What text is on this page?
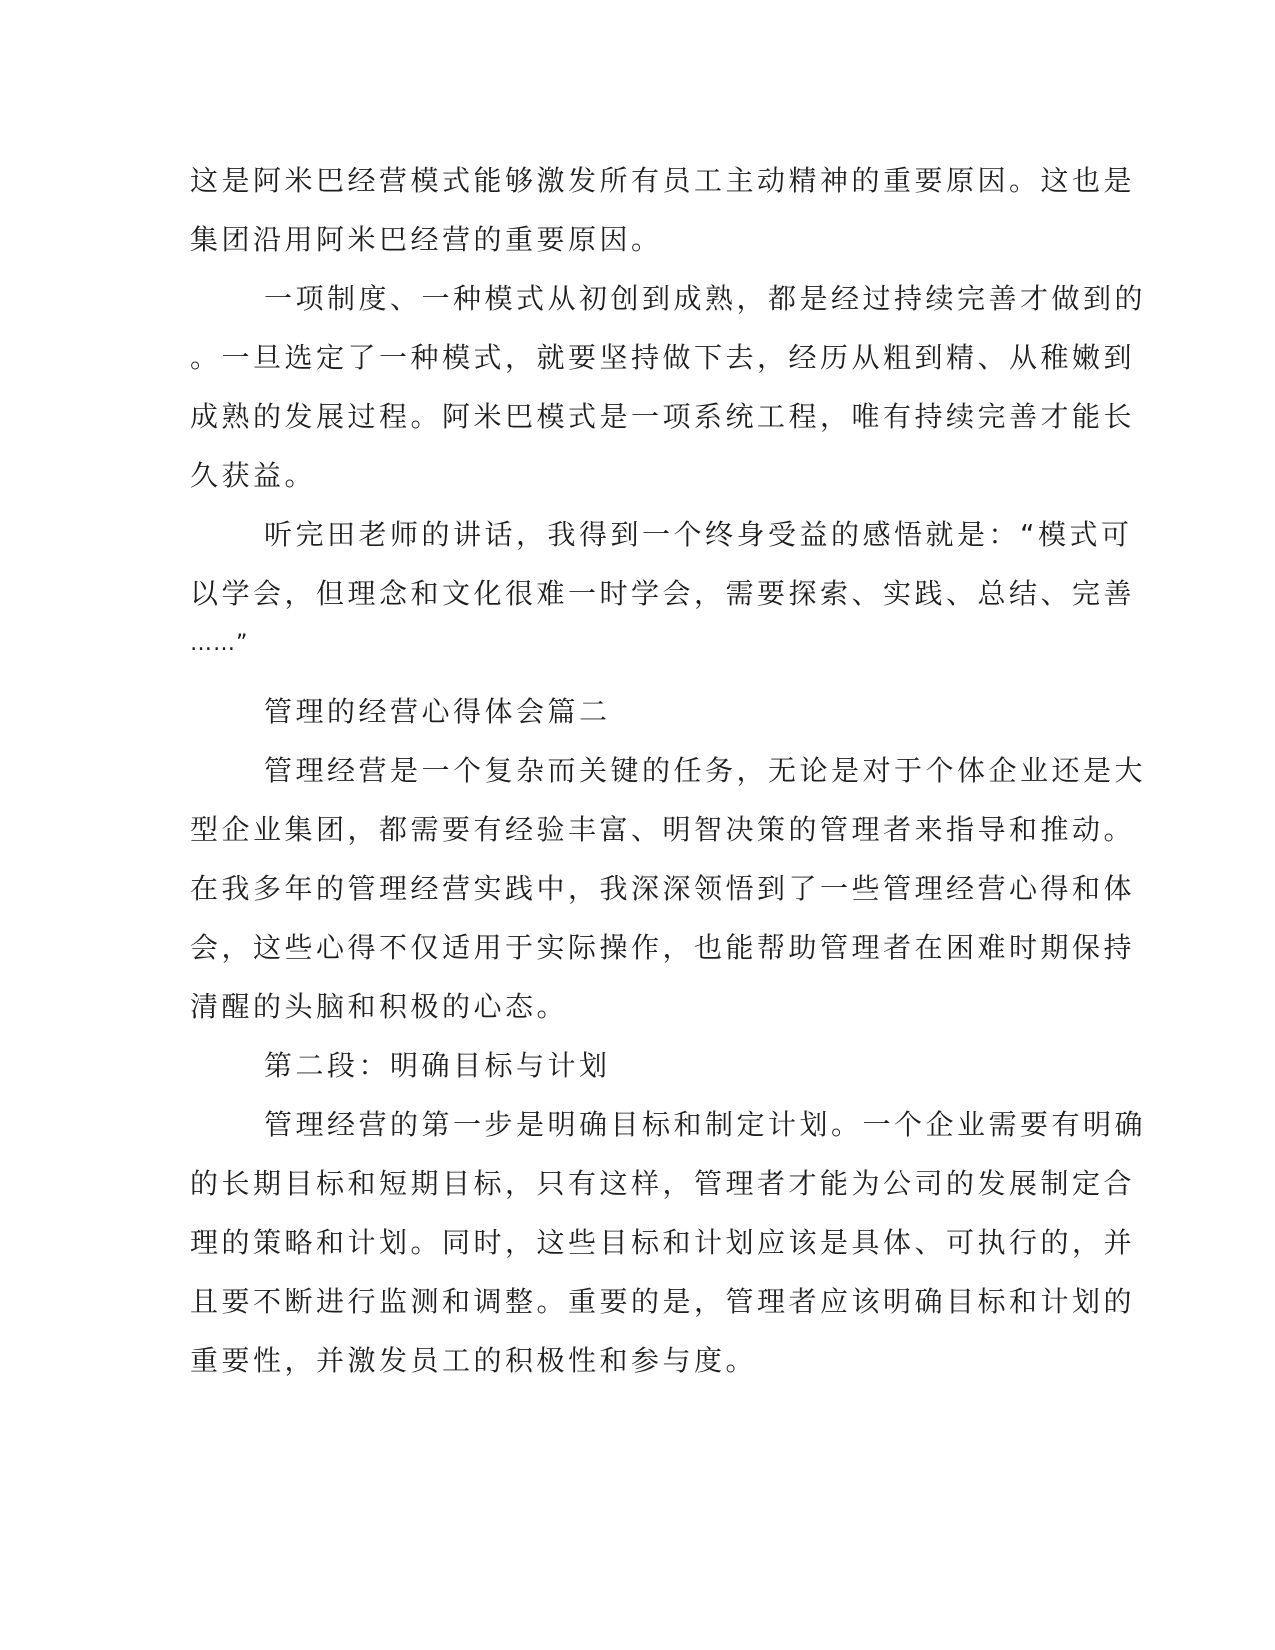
这是阿米巴经营模式能够激发所有员工主动精神的重要原因。这也是
集团沿用阿米巴经营的重要原因。
一项制度、一种模式从初创到成熟，都是经过持续完善才做到的
。一旦选定了一种模式，就要坚持做下去，经历从粗到精、从稚嫩到
成熟的发展过程。阿米巴模式是一项系统工程，唯有持续完善才能长
久获益。
听完田老师的讲话，我得到一个终身受益的感悟就是：“模式可
以学会，但理念和文化很难一时学会，需要探索、实践、总结、完善
……”
管理的经营心得体会篇二
管理经营是一个复杂而关键的任务，无论是对于个体企业还是大
型企业集团，都需要有经验丰富、明智决策的管理者来指导和推动。
在我多年的管理经营实践中，我深深领悟到了一些管理经营心得和体
会，这些心得不仅适用于实际操作，也能帮助管理者在困难时期保持
清醒的头脑和积极的心态。
第二段：明确目标与计划
管理经营的第一步是明确目标和制定计划。一个企业需要有明确
的长期目标和短期目标，只有这样，管理者才能为公司的发展制定合
理的策略和计划。同时，这些目标和计划应该是具体、可执行的，并
且要不断进行监测和调整。重要的是，管理者应该明确目标和计划的
重要性，并激发员工的积极性和参与度。
